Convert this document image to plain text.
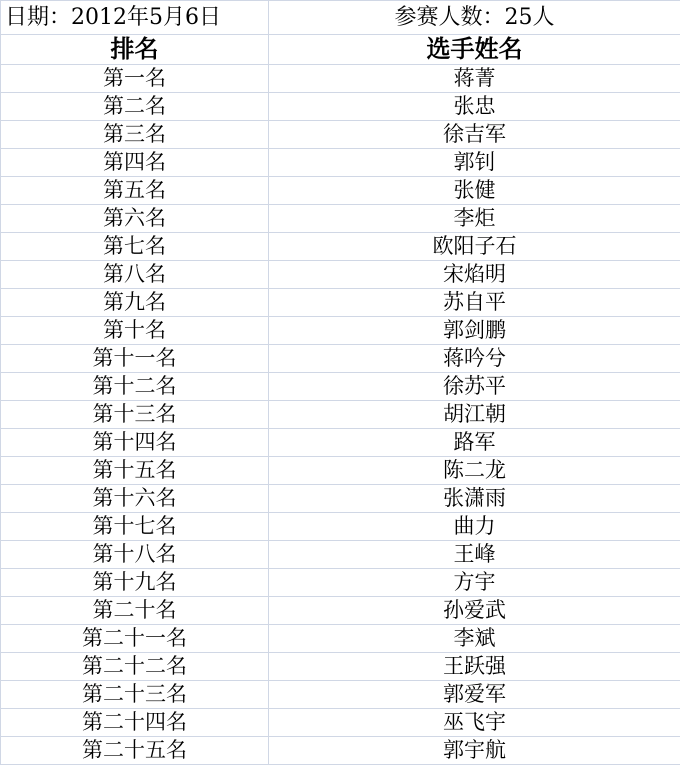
日期：2012年5月6日	参赛人数：25人
排名	选手姓名
第一名	蒋菁
第二名	张忠
第三名	徐吉军
第四名	郭钊
第五名	张健
第六名	李炬
第七名	欧阳子石
第八名	宋焰明
第九名	苏自平
第十名	郭剑鹏
第十一名	蒋吟兮
第十二名	徐苏平
第十三名	胡江朝
第十四名	路军
第十五名	陈二龙
第十六名	张潇雨
第十七名	曲力
第十八名	王峰
第十九名	方宇
第二十名	孙爱武
第二十一名	李斌
第二十二名	王跃强
第二十三名	郭爱军
第二十四名	巫飞宇
第二十五名	郭宇航
